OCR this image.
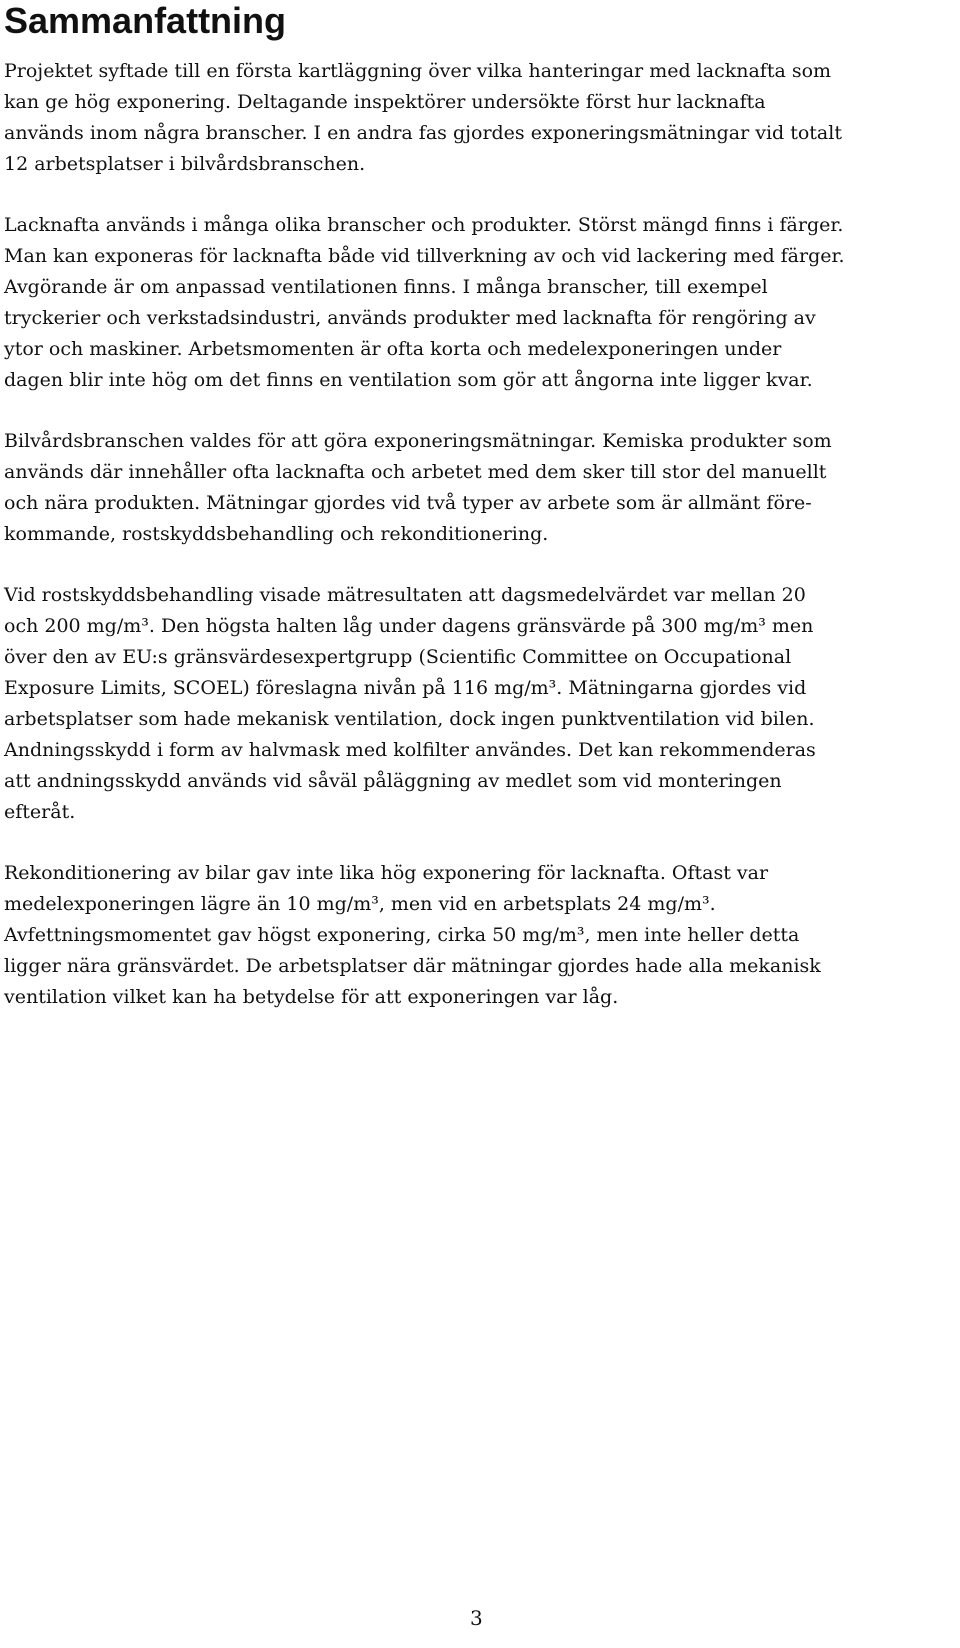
Sammanfattning

Projektet syftade till en första kartläggning över vilka hanteringar med lacknafta som
kan ge hög exponering. Deltagande inspektörer undersökte först hur lacknafta
används inom några branscher. I en andra fas gjordes exponeringsmätningar vid totalt
12 arbetsplatser i bilvårdsbranschen.

Lacknafta används i många olika branscher och produkter. Störst mängd finns i färger.
Man kan exponeras för lacknafta både vid tillverkning av och vid lackering med färger.
Avgörande är om anpassad ventilationen finns. I många branscher, till exempel
tryckerier och verkstadsindustri, används produkter med lacknafta för rengöring av
ytor och maskiner. Arbetsmomenten är ofta korta och medelexponeringen under
dagen blir inte hög om det finns en ventilation som gör att ångorna inte ligger kvar.

Bilvårdsbranschen valdes för att göra exponeringsmätningar. Kemiska produkter som
används där innehåller ofta lacknafta och arbetet med dem sker till stor del manuellt
och nära produkten. Mätningar gjordes vid två typer av arbete som är allmänt före-
kommande, rostskyddsbehandling och rekonditionering.

Vid rostskyddsbehandling visade mätresultaten att dagsmedelvärdet var mellan 20
och 200 mg/m³. Den högsta halten låg under dagens gränsvärde på 300 mg/m³ men
över den av EU:s gränsvärdesexpertgrupp (Scientific Committee on Occupational
Exposure Limits, SCOEL) föreslagna nivån på 116 mg/m³. Mätningarna gjordes vid
arbetsplatser som hade mekanisk ventilation, dock ingen punktventilation vid bilen.
Andningsskydd i form av halvmask med kolfilter användes. Det kan rekommenderas
att andningsskydd används vid såväl påläggning av medlet som vid monteringen
efteråt.

Rekonditionering av bilar gav inte lika hög exponering för lacknafta. Oftast var
medelexponeringen lägre än 10 mg/m³, men vid en arbetsplats 24 mg/m³.
Avfettningsmomentet gav högst exponering, cirka 50 mg/m³, men inte heller detta
ligger nära gränsvärdet. De arbetsplatser där mätningar gjordes hade alla mekanisk
ventilation vilket kan ha betydelse för att exponeringen var låg.

3
